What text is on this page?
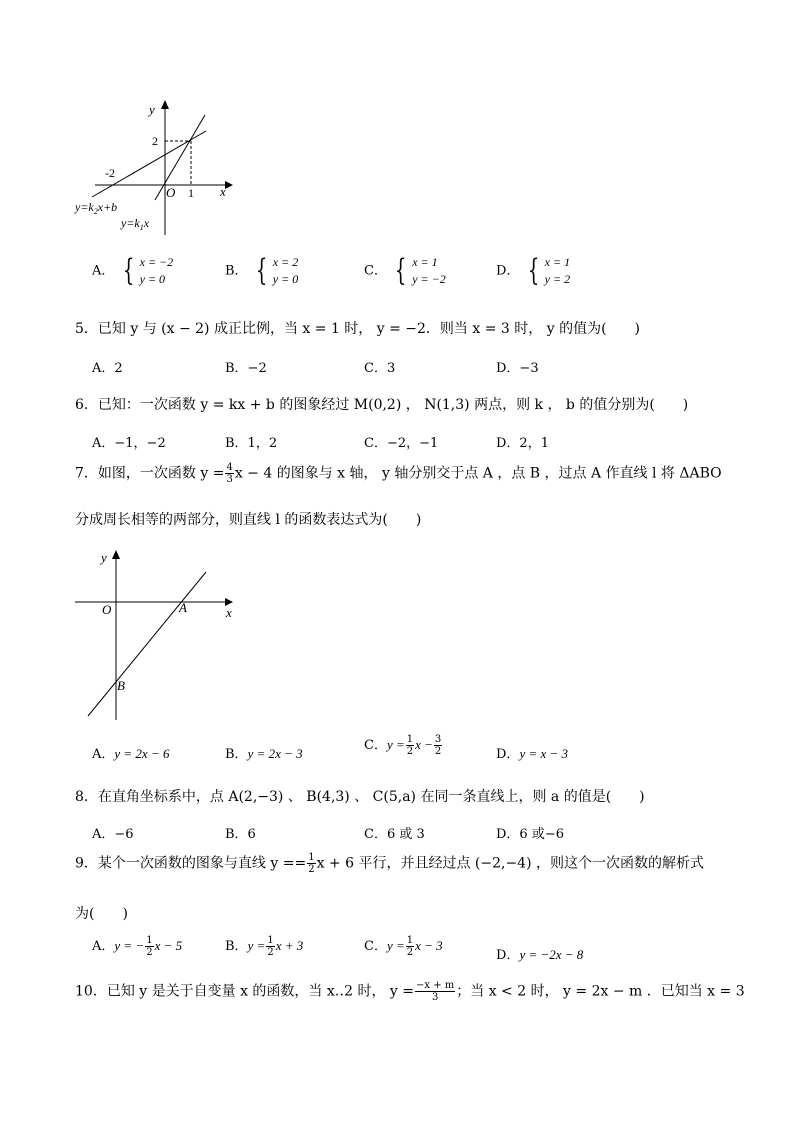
y
x
O
2
-2
1
$y=k_2x+b$
$y=k_1x$
A． { x = −2
y = 0
B． { x = 2
y = 0
C． { x = 1
y = −2
D． { x = 1
y = 2
5．已知 y 与 (x − 2) 成正比例，当 x = 1 时， y = −2．则当 x = 3 时， y 的值为(　　)
A．2	B．−2	C．3	D．−3
6．已知：一次函数 y = kx + b 的图象经过 M(0,2) ， N(1,3) 两点，则 k ， b 的值分别为(　　)
A．−1，−2	B．1，2	C．−2，−1	D．2，1
7．如图，一次函数 $y = \frac{4}{3}$ x − 4 的图象与 x 轴， y 轴分别交于点 A ，点 B ，过点 A 作直线 l 将 ΔABO
分成周长相等的两部分，则直线 l 的函数表达式为(　　)
y
x
O	A
B
A．y = 2x − 6	B．y = 2x − 3
C．$y = \frac{1}{2}$ $x - \frac{3}{2}$	D．y = x − 3
8．在直角坐标系中，点 A(2,−3) 、 B(4,3) 、 C(5,a) 在同一条直线上，则 a 的值是(　　)
A．−6	B．6	C．6 或 3	D．6 或−6
9．某个一次函数的图象与直线 $y == \frac{1}{2}$ x + 6 平行，并且经过点 (−2,−4) ，则这个一次函数的解析式
为(　　)
A．y = − $\frac{1}{2}$ x − 5	B．$y = \frac{1}{2}$ x + 3	C．$y = \frac{1}{2}$ x − 3
D．y = −2x − 8
10．已知 y 是关于自变量 x 的函数，当 x‥2 时， $y = \frac{-x + m}{3}$ ；当 x < 2 时， y = 2x − m ．已知当 x = 3
